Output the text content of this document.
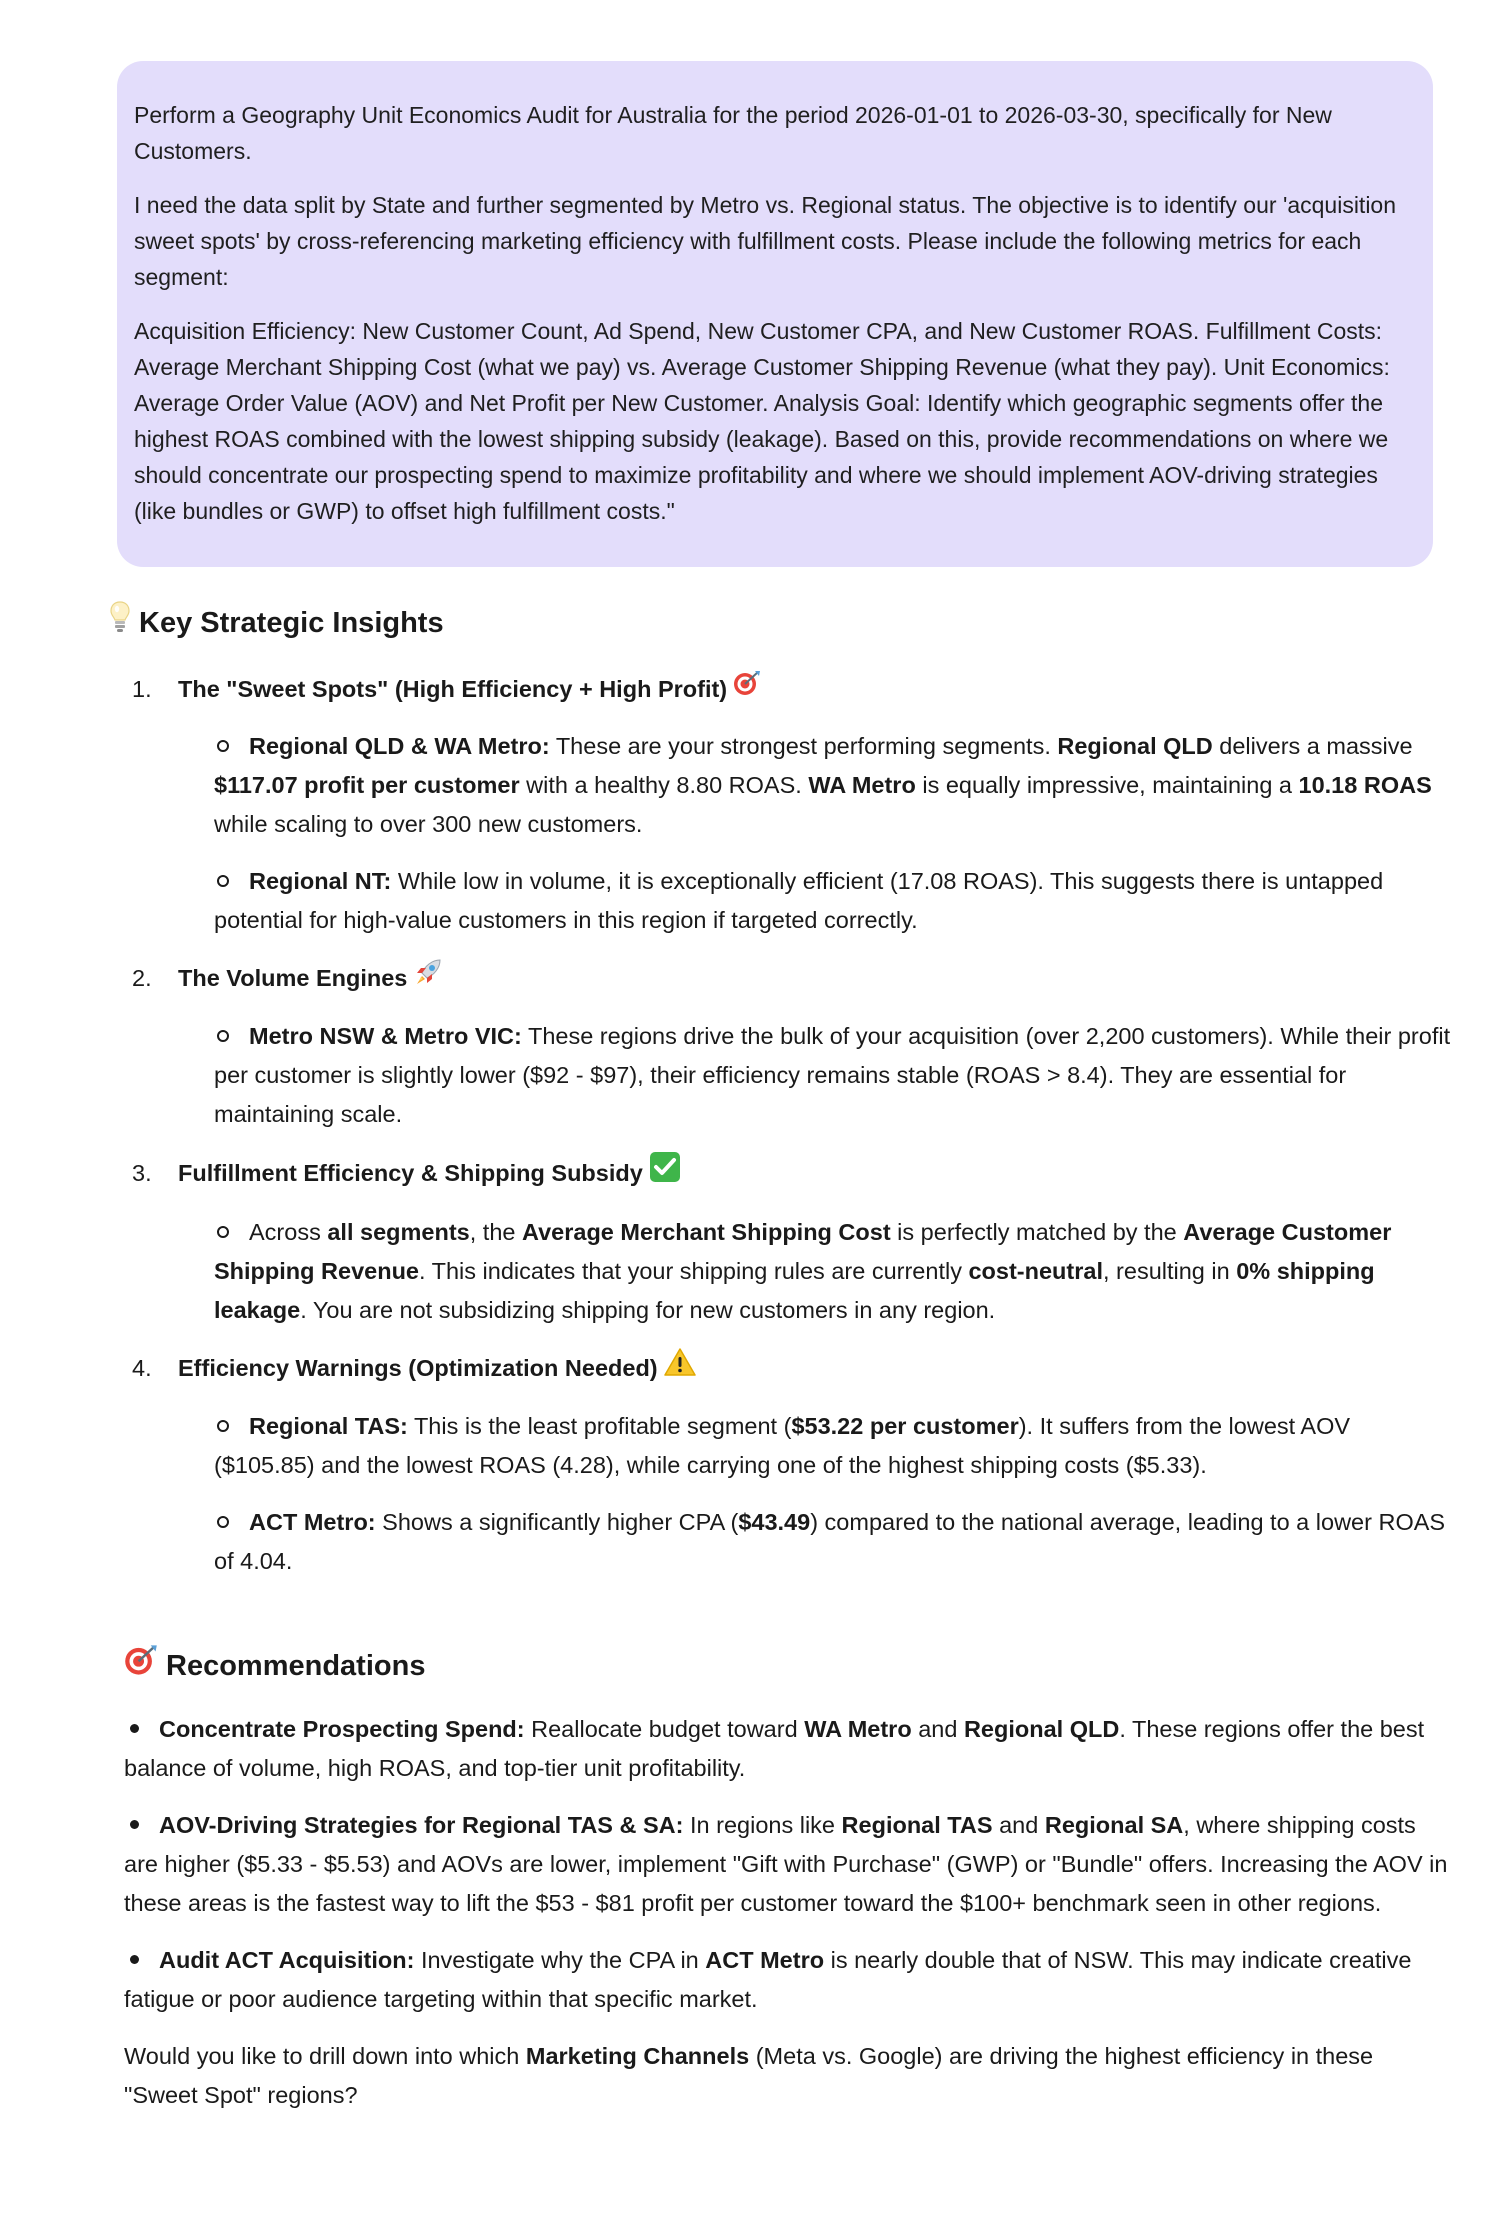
Perform a Geography Unit Economics Audit for Australia for the period 2026-01-01 to 2026-03-30, specifically for New Customers.

I need the data split by State and further segmented by Metro vs. Regional status. The objective is to identify our 'acquisition sweet spots' by cross-referencing marketing efficiency with fulfillment costs. Please include the following metrics for each segment:

Acquisition Efficiency: New Customer Count, Ad Spend, New Customer CPA, and New Customer ROAS. Fulfillment Costs: Average Merchant Shipping Cost (what we pay) vs. Average Customer Shipping Revenue (what they pay). Unit Economics: Average Order Value (AOV) and Net Profit per New Customer. Analysis Goal: Identify which geographic segments offer the highest ROAS combined with the lowest shipping subsidy (leakage). Based on this, provide recommendations on where we should concentrate our prospecting spend to maximize profitability and where we should implement AOV-driving strategies (like bundles or GWP) to offset high fulfillment costs."

Key Strategic Insights
1.	The "Sweet Spots" (High Efficiency + High Profit)
Regional QLD & WA Metro: These are your strongest performing segments. Regional QLD delivers a massive $117.07 profit per customer with a healthy 8.80 ROAS. WA Metro is equally impressive, maintaining a 10.18 ROAS while scaling to over 300 new customers.
Regional NT: While low in volume, it is exceptionally efficient (17.08 ROAS). This suggests there is untapped potential for high-value customers in this region if targeted correctly.
2.	The Volume Engines
Metro NSW & Metro VIC: These regions drive the bulk of your acquisition (over 2,200 customers). While their profit per customer is slightly lower ($92 - $97), their efficiency remains stable (ROAS > 8.4). They are essential for maintaining scale.
3.	Fulfillment Efficiency & Shipping Subsidy
Across all segments, the Average Merchant Shipping Cost is perfectly matched by the Average Customer Shipping Revenue. This indicates that your shipping rules are currently cost-neutral, resulting in 0% shipping leakage. You are not subsidizing shipping for new customers in any region.
4.	Efficiency Warnings (Optimization Needed)
Regional TAS: This is the least profitable segment ($53.22 per customer). It suffers from the lowest AOV ($105.85) and the lowest ROAS (4.28), while carrying one of the highest shipping costs ($5.33).
ACT Metro: Shows a significantly higher CPA ($43.49) compared to the national average, leading to a lower ROAS of 4.04.
Recommendations
Concentrate Prospecting Spend: Reallocate budget toward WA Metro and Regional QLD. These regions offer the best balance of volume, high ROAS, and top-tier unit profitability.
AOV-Driving Strategies for Regional TAS & SA: In regions like Regional TAS and Regional SA, where shipping costs are higher ($5.33 - $5.53) and AOVs are lower, implement "Gift with Purchase" (GWP) or "Bundle" offers. Increasing the AOV in these areas is the fastest way to lift the $53 - $81 profit per customer toward the $100+ benchmark seen in other regions.
Audit ACT Acquisition: Investigate why the CPA in ACT Metro is nearly double that of NSW. This may indicate creative fatigue or poor audience targeting within that specific market.

Would you like to drill down into which Marketing Channels (Meta vs. Google) are driving the highest efficiency in these "Sweet Spot" regions?
